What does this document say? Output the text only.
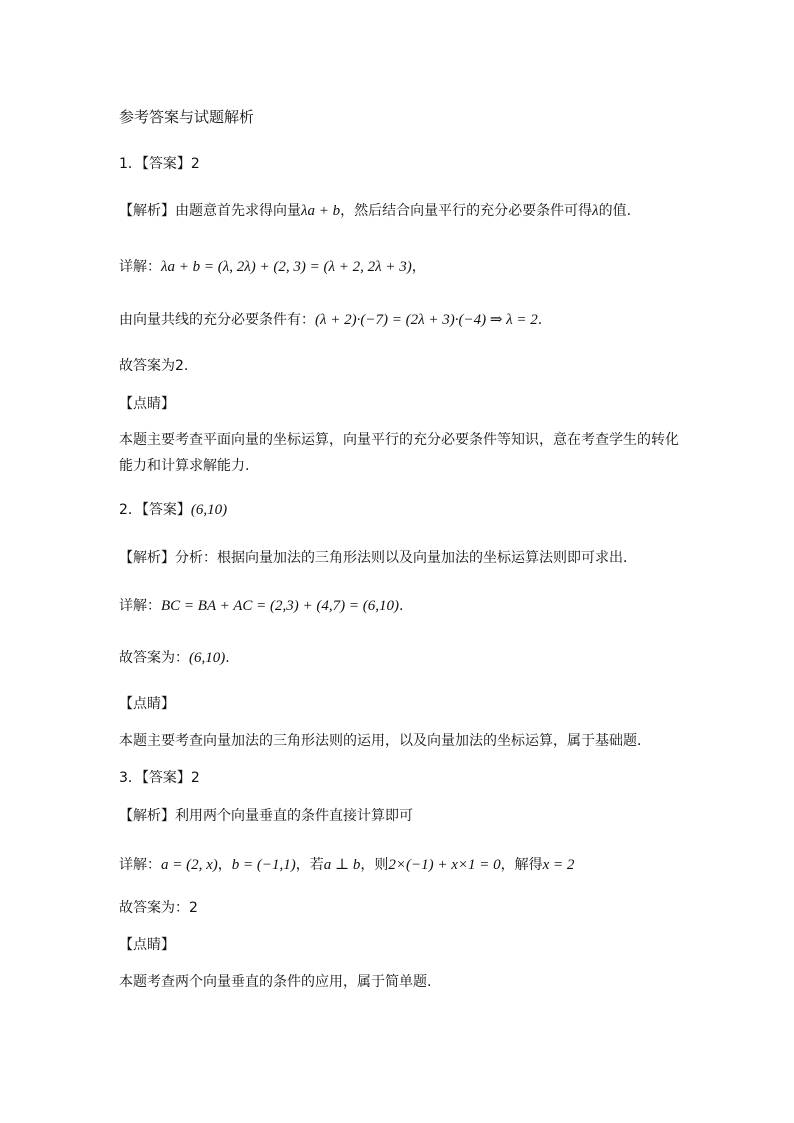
参考答案与试题解析
1．【答案】2
【解析】由题意首先求得向量λa + b，然后结合向量平行的充分必要条件可得λ的值.
详解：λa + b = (λ, 2λ) + (2, 3) = (λ + 2, 2λ + 3)，
由向量共线的充分必要条件有：(λ + 2)·(−7) = (2λ + 3)·(−4) ⇒ λ = 2.
故答案为2.
【点睛】
本题主要考查平面向量的坐标运算，向量平行的充分必要条件等知识，意在考查学生的转化能力和计算求解能力.
2．【答案】(6,10)
【解析】分析：根据向量加法的三角形法则以及向量加法的坐标运算法则即可求出．
详解：BC = BA + AC = (2,3) + (4,7) = (6,10).
故答案为：(6,10).
【点睛】
本题主要考查向量加法的三角形法则的运用，以及向量加法的坐标运算，属于基础题．
3．【答案】2
【解析】利用两个向量垂直的条件直接计算即可
详解：a = (2, x)，b = (−1,1)，若a ⊥ b，则2×(−1) + x×1 = 0，解得x = 2
故答案为：2
【点睛】
本题考查两个向量垂直的条件的应用，属于简单题.
